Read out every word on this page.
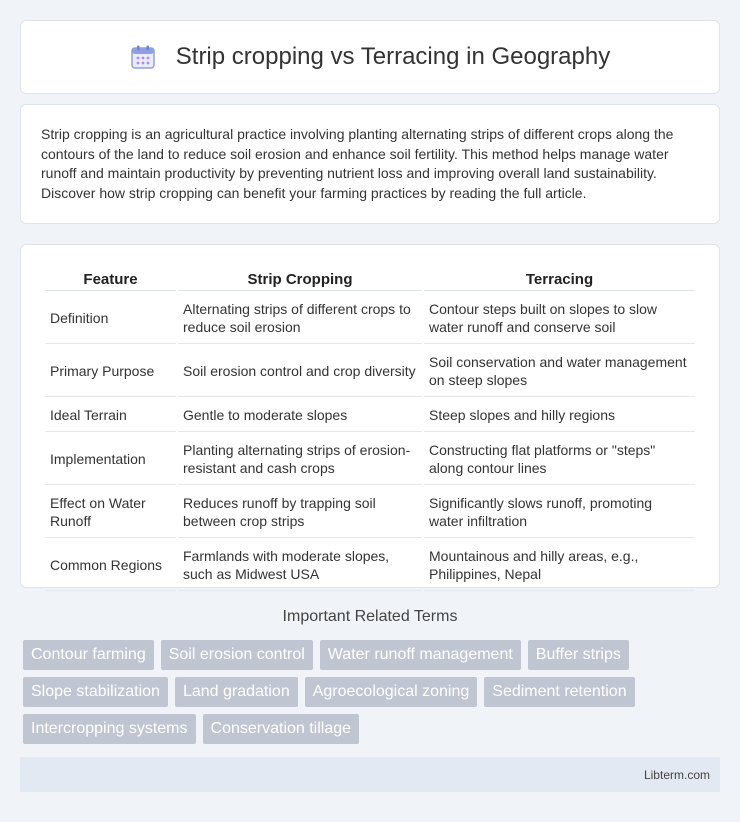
Strip cropping vs Terracing in Geography

Strip cropping is an agricultural practice involving planting alternating strips of different crops along the contours of the land to reduce soil erosion and enhance soil fertility. This method helps manage water runoff and maintain productivity by preventing nutrient loss and improving overall land sustainability. Discover how strip cropping can benefit your farming practices by reading the full article.

Feature	Strip Cropping	Terracing
Definition	Alternating strips of different crops to reduce soil erosion	Contour steps built on slopes to slow water runoff and conserve soil
Primary Purpose	Soil erosion control and crop diversity	Soil conservation and water management on steep slopes
Ideal Terrain	Gentle to moderate slopes	Steep slopes and hilly regions
Implementation	Planting alternating strips of erosion-resistant and cash crops	Constructing flat platforms or "steps" along contour lines
Effect on Water Runoff	Reduces runoff by trapping soil between crop strips	Significantly slows runoff, promoting water infiltration
Common Regions	Farmlands with moderate slopes, such as Midwest USA	Mountainous and hilly areas, e.g., Philippines, Nepal
Important Related Terms
Contour farming	Soil erosion control	Water runoff management	Buffer strips
Slope stabilization	Land gradation	Agroecological zoning	Sediment retention
Intercropping systems	Conservation tillage
Libterm.com
